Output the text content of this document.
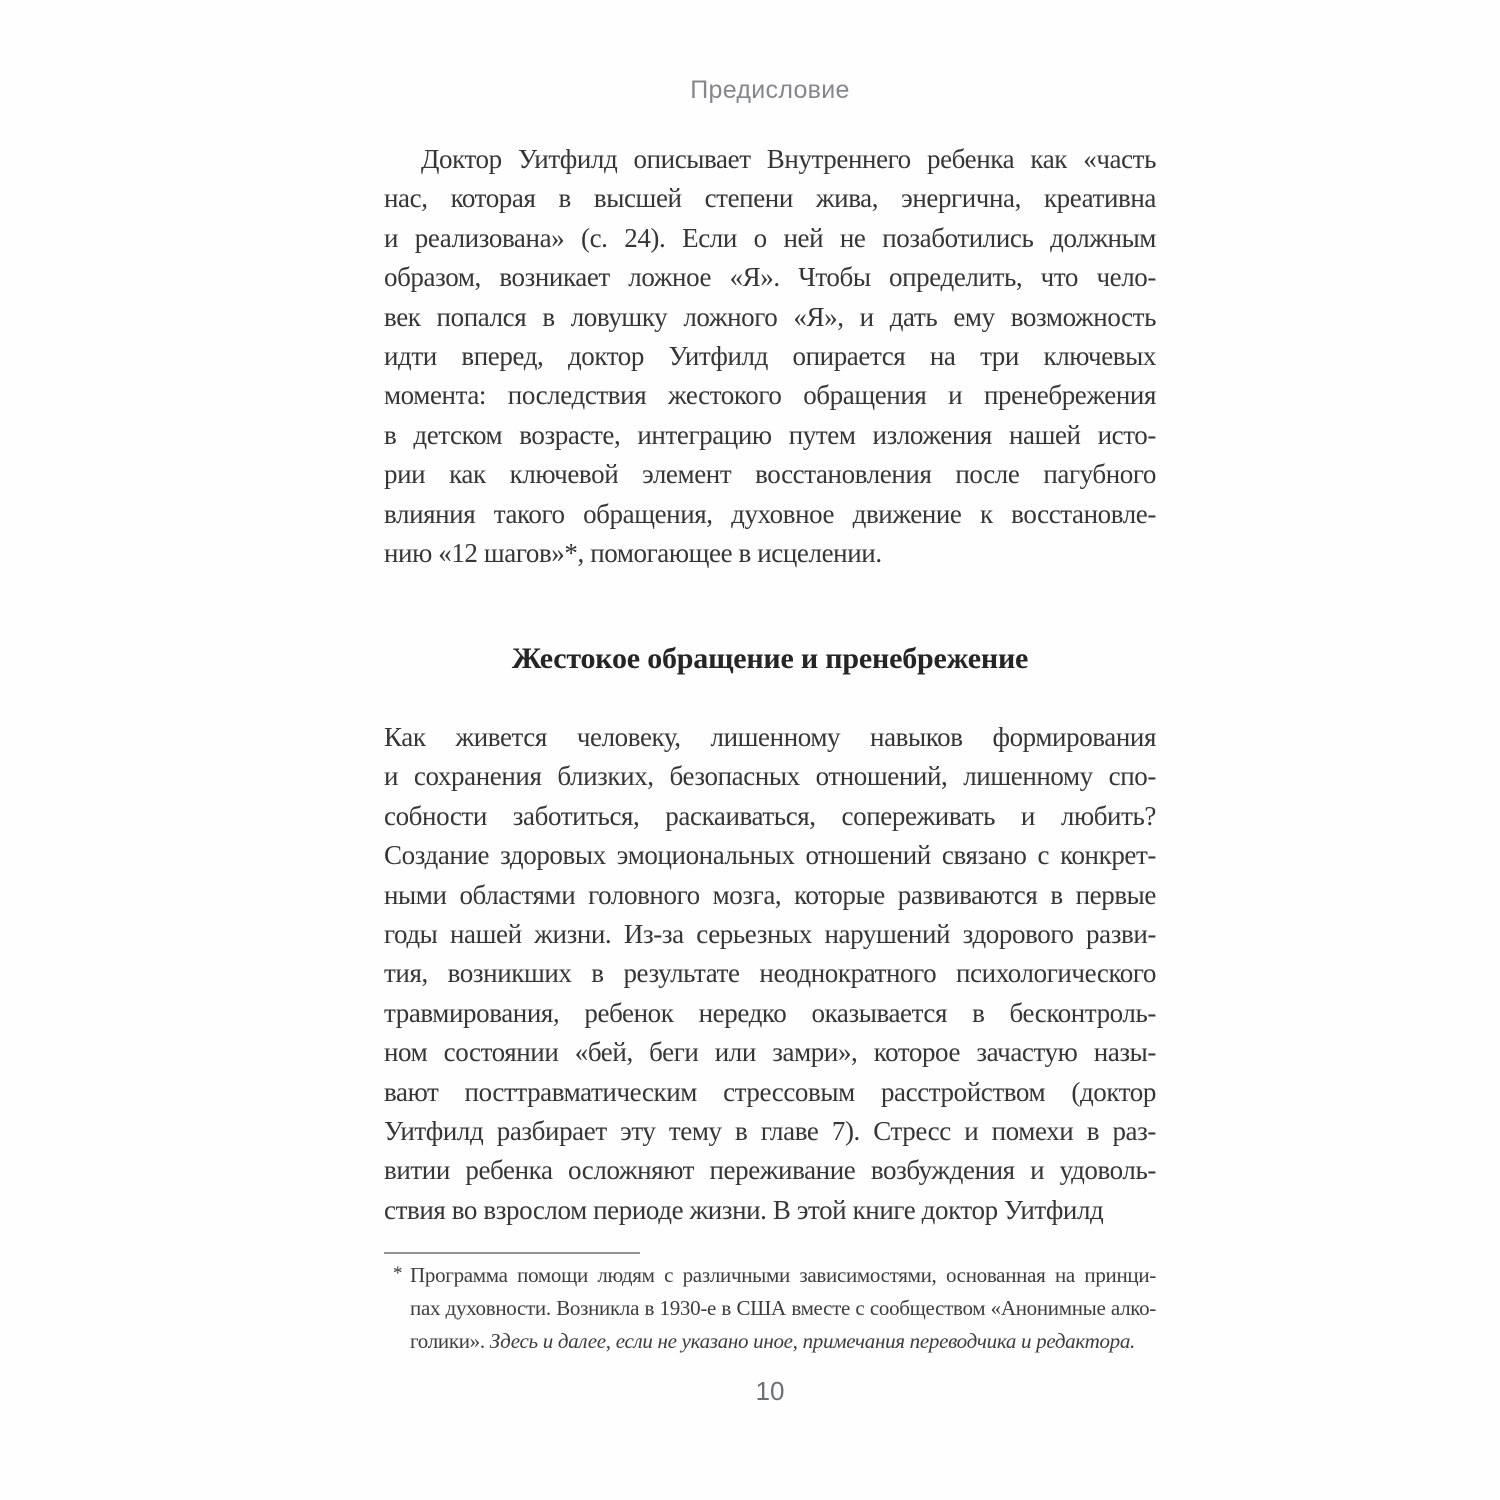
Предисловие
Доктор Уитфилд описывает Внутреннего ребенка как «часть
нас, которая в высшей степени жива, энергична, креативна
и реализована» (с. 24). Если о ней не позаботились должным
образом, возникает ложное «Я». Чтобы определить, что чело-
век попался в ловушку ложного «Я», и дать ему возможность
идти вперед, доктор Уитфилд опирается на три ключевых
момента: последствия жестокого обращения и пренебрежения
в детском возрасте, интеграцию путем изложения нашей исто-
рии как ключевой элемент восстановления после пагубного
влияния такого обращения, духовное движение к восстановле-
нию «12 шагов»*, помогающее в исцелении.
Жестокое обращение и пренебрежение
Как живется человеку, лишенному навыков формирования
и сохранения близких, безопасных отношений, лишенному спо-
собности заботиться, раскаиваться, сопереживать и любить?
Создание здоровых эмоциональных отношений связано с конкрет-
ными областями головного мозга, которые развиваются в первые
годы нашей жизни. Из-за серьезных нарушений здорового разви-
тия, возникших в результате неоднократного психологического
травмирования, ребенок нередко оказывается в бесконтроль-
ном состоянии «бей, беги или замри», которое зачастую назы-
вают посттравматическим стрессовым расстройством (доктор
Уитфилд разбирает эту тему в главе 7). Стресс и помехи в раз-
витии ребенка осложняют переживание возбуждения и удоволь-
ствия во взрослом периоде жизни. В этой книге доктор Уитфилд
* Программа помощи людям с различными зависимостями, основанная на принци-
пах духовности. Возникла в 1930-е в США вместе с сообществом «Анонимные алко-
голики». Здесь и далее, если не указано иное, примечания переводчика и редактора.
10
